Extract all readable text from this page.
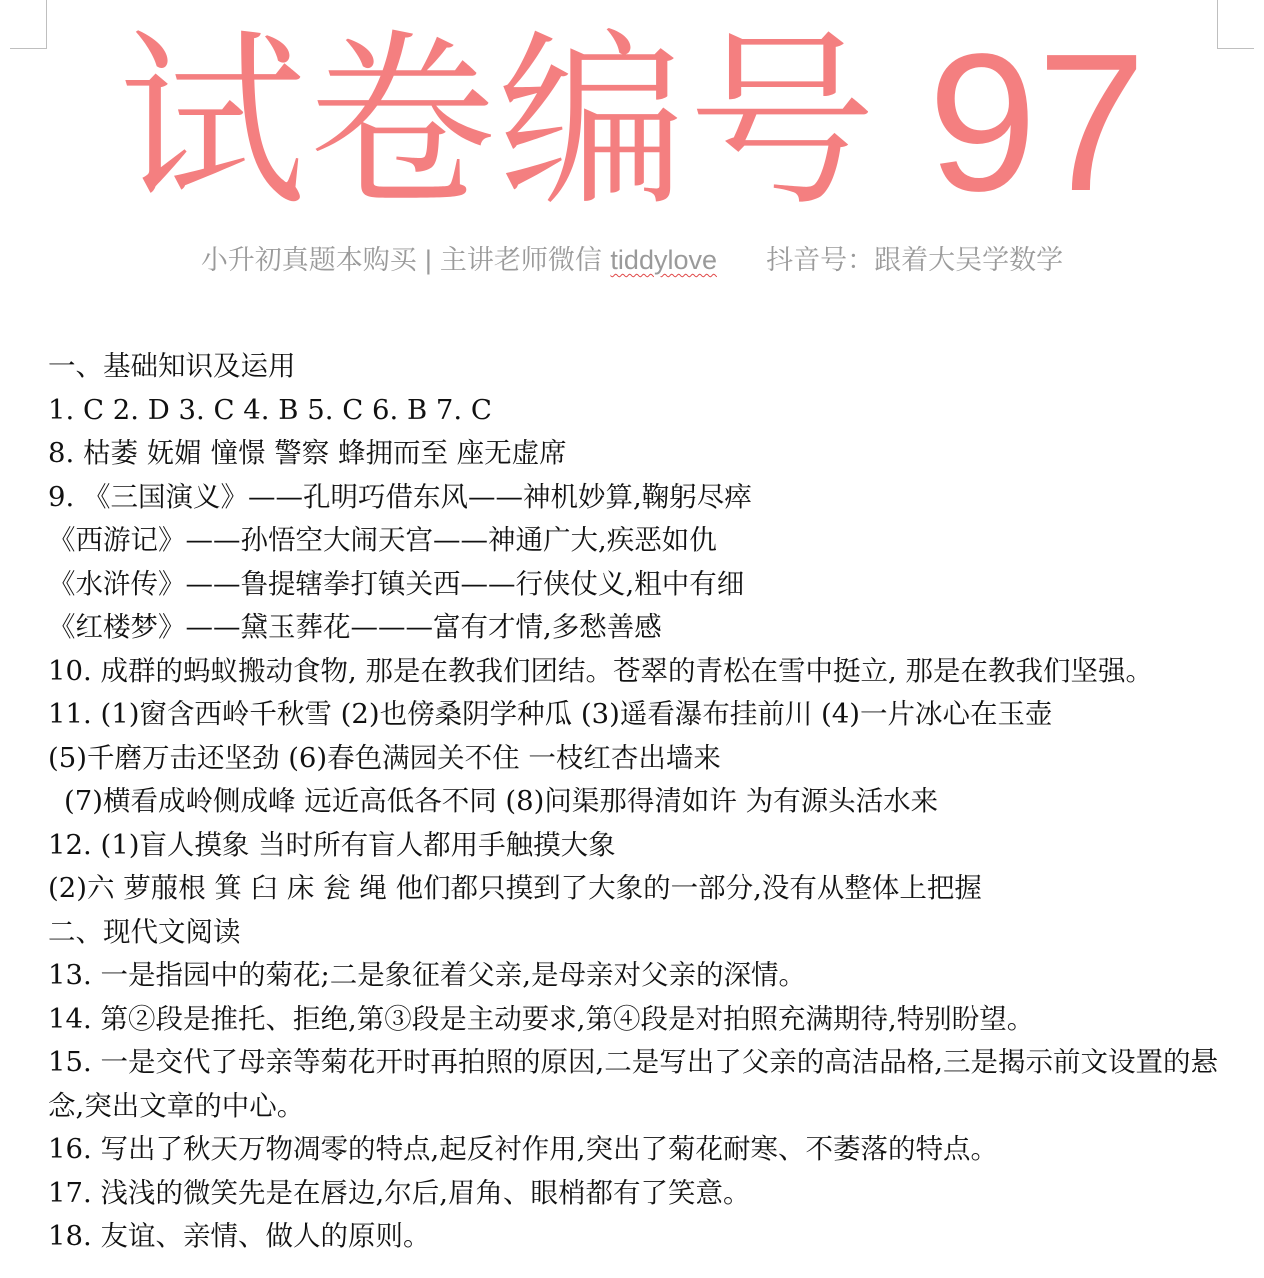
试卷编号 97
小升初真题本购买 | 主讲老师微信 tiddylove 抖音号：跟着大吴学数学
一、基础知识及运用
1. C 2. D 3. C 4. B 5. C 6. B 7. C
8. 枯萎 妩媚 憧憬 警察 蜂拥而至 座无虚席
9. 《三国演义》——孔明巧借东风——神机妙算,鞠躬尽瘁
《西游记》——孙悟空大闹天宫——神通广大,疾恶如仇
《水浒传》——鲁提辖拳打镇关西——行侠仗义,粗中有细
《红楼梦》——黛玉葬花———富有才情,多愁善感
10. 成群的蚂蚁搬动食物, 那是在教我们团结。苍翠的青松在雪中挺立, 那是在教我们坚强。
11. (1)窗含西岭千秋雪 (2)也傍桑阴学种瓜 (3)遥看瀑布挂前川 (4)一片冰心在玉壶
(5)千磨万击还坚劲 (6)春色满园关不住 一枝红杏出墙来
(7)横看成岭侧成峰 远近高低各不同 (8)问渠那得清如许 为有源头活水来
12. (1)盲人摸象 当时所有盲人都用手触摸大象
(2)六 萝菔根 箕 臼 床 瓮 绳 他们都只摸到了大象的一部分,没有从整体上把握
二、现代文阅读
13. 一是指园中的菊花;二是象征着父亲,是母亲对父亲的深情。
14. 第②段是推托、拒绝,第③段是主动要求,第④段是对拍照充满期待,特别盼望。
15. 一是交代了母亲等菊花开时再拍照的原因,二是写出了父亲的高洁品格,三是揭示前文设置的悬念,突出文章的中心。
16. 写出了秋天万物凋零的特点,起反衬作用,突出了菊花耐寒、不萎落的特点。
17. 浅浅的微笑先是在唇边,尔后,眉角、眼梢都有了笑意。
18. 友谊、亲情、做人的原则。
